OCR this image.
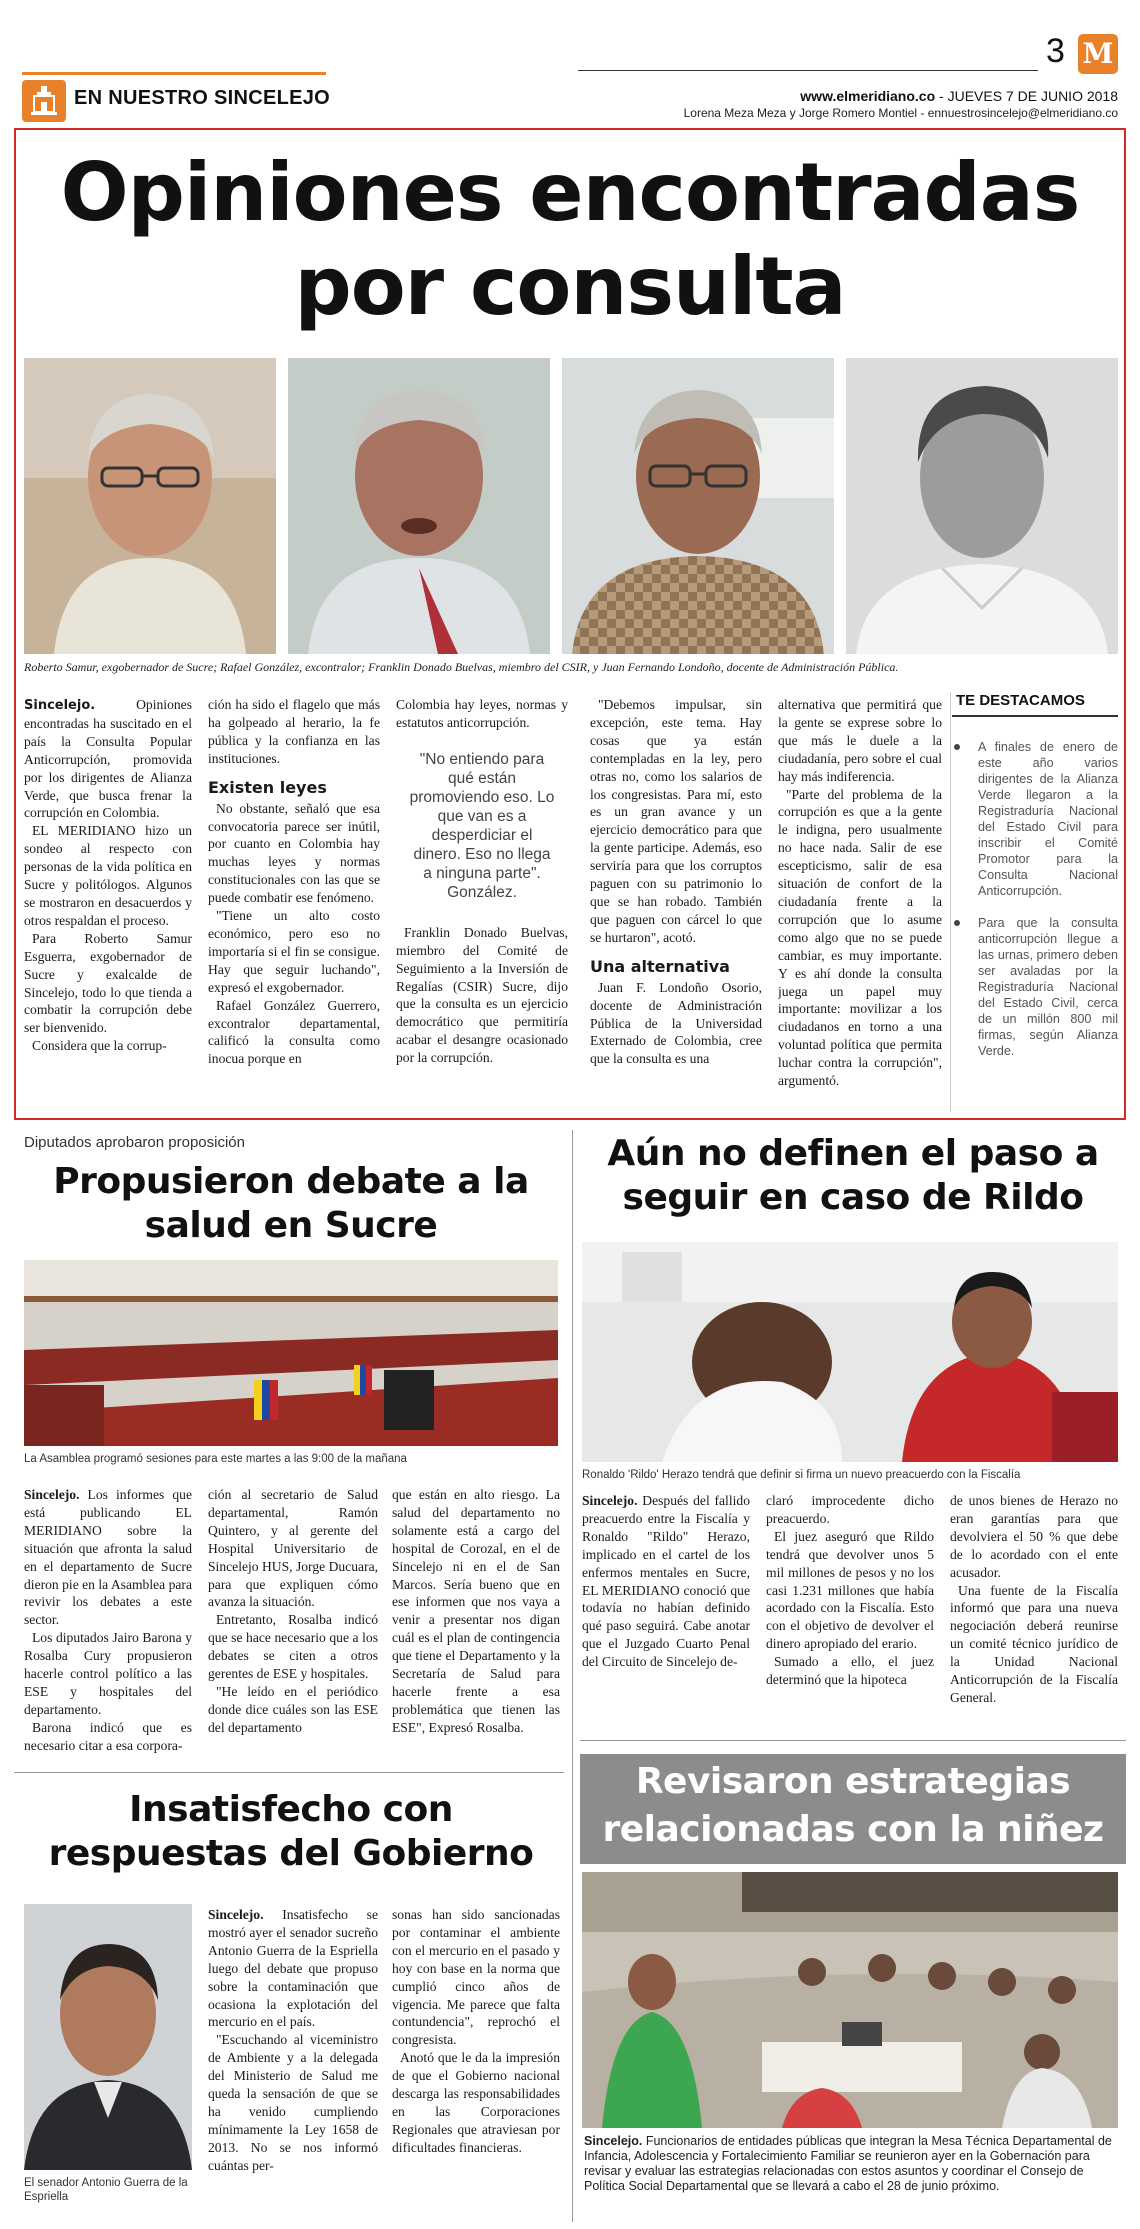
EN NUESTRO SINCELEJO
3 M
www.elmeridiano.co - JUEVES 7 DE JUNIO 2018
Lorena Meza Meza y Jorge Romero Montiel - ennuestrosincelejo@elmeridiano.co
Opiniones encontradas
por consulta
Roberto Samur, exgobernador de Sucre; Rafael González, excontralor; Franklin Donado Buelvas, miembro del CSIR, y Juan Fernando Londoño, docente de Administración Pública.

Sincelejo. Opiniones encontradas ha suscitado en el país la Consulta Popular Anticorrupción, promovida por los dirigentes de Alianza Verde, que busca frenar la corrupción en Colombia.

EL MERIDIANO hizo un sondeo al respecto con personas de la vida política en Sucre y politólogos. Algunos se mostraron en desacuerdos y otros respaldan el proceso.

Para Roberto Samur Esguerra, exgobernador de Sucre y exalcalde de Sincelejo, todo lo que tienda a combatir la corrupción debe ser bienvenido.

Considera que la corrup-

ción ha sido el flagelo que más ha golpeado al herario, la fe pública y la confianza en las instituciones.

Existen leyes

No obstante, señaló que esa convocatoria parece ser inútil, por cuanto en Colombia hay muchas leyes y normas constitucionales con las que se puede combatir ese fenómeno.

"Tiene un alto costo económico, pero eso no importaría si el fin se consigue. Hay que seguir luchando", expresó el exgobernador.

Rafael González Guerrero, excontralor departamental, calificó la consulta como inocua porque en

Colombia hay leyes, normas y estatutos anticorrupción.

"No entiendo para qué están promoviendo eso. Lo que van es a desperdiciar el dinero. Eso no llega a ninguna parte". González.

Franklin Donado Buelvas, miembro del Comité de Seguimiento a la Inversión de Regalías (CSIR) Sucre, dijo que la consulta es un ejercicio democrático que permitiría acabar el desangre ocasionado por la corrupción.

"Debemos impulsar, sin excepción, este tema. Hay cosas que ya están contempladas en la ley, pero otras no, como los salarios de los congresistas. Para mí, esto es un gran avance y un ejercicio democrático para que la gente participe. Además, eso serviría para que los corruptos paguen con su patrimonio lo que se han robado. También que paguen con cárcel lo que se hurtaron", acotó.

Una alternativa

Juan F. Londoño Osorio, docente de Administración Pública de la Universidad Externado de Colombia, cree que la consulta es una

alternativa que permitirá que la gente se exprese sobre lo que más le duele a la ciudadanía, pero sobre el cual hay más indiferencia.

"Parte del problema de la corrupción es que a la gente le indigna, pero usualmente no hace nada. Salir de ese escepticismo, salir de esa situación de confort de la ciudadanía frente a la corrupción que lo asume como algo que no se puede cambiar, es muy importante. Y es ahí donde la consulta juega un papel muy importante: movilizar a los ciudadanos en torno a una voluntad política que permita luchar contra la corrupción", argumentó.

TE DESTACAMOS
A finales de enero de este año varios dirigentes de la Alianza Verde llegaron a la Registraduría Nacional del Estado Civil para inscribir el Comité Promotor para la Consulta Nacional Anticorrupción.
Para que la consulta anticorrupción llegue a las urnas, primero deben ser avaladas por la Registraduría Nacional del Estado Civil, cerca de un millón 800 mil firmas, según Alianza Verde.
Diputados aprobaron proposición
Propusieron debate a la
salud en Sucre
La Asamblea programó sesiones para este martes a las 9:00 de la mañana

Sincelejo. Los informes que está publicando EL MERIDIANO sobre la situación que afronta la salud en el departamento de Sucre dieron pie en la Asamblea para revivir los debates a este sector.

Los diputados Jairo Barona y Rosalba Cury propusieron hacerle control político a las ESE y hospitales del departamento.

Barona indicó que es necesario citar a esa corpora-

ción al secretario de Salud departamental, Ramón Quintero, y al gerente del Hospital Universitario de Sincelejo HUS, Jorge Ducuara, para que expliquen cómo avanza la situación.

Entretanto, Rosalba indicó que se hace necesario que a los debates se citen a otros gerentes de ESE y hospitales.

"He leído en el periódico donde dice cuáles son las ESE del departamento

que están en alto riesgo. La salud del departamento no solamente está a cargo del hospital de Corozal, en el de Sincelejo ni en el de San Marcos. Sería bueno que en ese informen que nos vaya a venir a presentar nos digan cuál es el plan de contingencia que tiene el Departamento y la Secretaría de Salud para hacerle frente a esa problemática que tienen las ESE", Expresó Rosalba.

Aún no definen el paso a
seguir en caso de Rildo
Ronaldo 'Rildo' Herazo tendrá que definir si firma un nuevo preacuerdo con la Fiscalía

Sincelejo. Después del fallido preacuerdo entre la Fiscalía y Ronaldo "Rildo" Herazo, implicado en el cartel de los enfermos mentales en Sucre, EL MERIDIANO conoció que todavía no habían definido qué paso seguirá. Cabe anotar que el Juzgado Cuarto Penal del Circuito de Sincelejo de-

claró improcedente dicho preacuerdo.

El juez aseguró que Rildo tendrá que devolver unos 5 mil millones de pesos y no los casi 1.231 millones que había acordado con la Fiscalía. Esto con el objetivo de devolver el dinero apropiado del erario.

Sumado a ello, el juez determinó que la hipoteca

de unos bienes de Herazo no eran garantías para que devolviera el 50 % que debe de lo acordado con el ente acusador.

Una fuente de la Fiscalía informó que para una nueva negociación deberá reunirse un comité técnico jurídico de la Unidad Nacional Anticorrupción de la Fiscalía General.

Insatisfecho con
respuestas del Gobierno
El senador Antonio Guerra de la Espriella

Sincelejo. Insatisfecho se mostró ayer el senador sucreño Antonio Guerra de la Espriella luego del debate que propuso sobre la contaminación que ocasiona la explotación del mercurio en el país.

"Escuchando al viceministro de Ambiente y a la delegada del Ministerio de Salud me queda la sensación de que se ha venido cumpliendo mínimamente la Ley 1658 de 2013. No se nos informó cuántas per-

sonas han sido sancionadas por contaminar el ambiente con el mercurio en el pasado y hoy con base en la norma que cumplió cinco años de vigencia. Me parece que falta contundencia", reprochó el congresista.

Anotó que le da la impresión de que el Gobierno nacional descarga las responsabilidades en las Corporaciones Regionales que atraviesan por dificultades financieras.

Revisaron estrategias
relacionadas con la niñez
Sincelejo. Funcionarios de entidades públicas que integran la Mesa Técnica Departamental de Infancia, Adolescencia y Fortalecimiento Familiar se reunieron ayer en la Gobernación para revisar y evaluar las estrategias relacionadas con estos asuntos y coordinar el Consejo de Política Social Departamental que se llevará a cabo el 28 de junio próximo.
